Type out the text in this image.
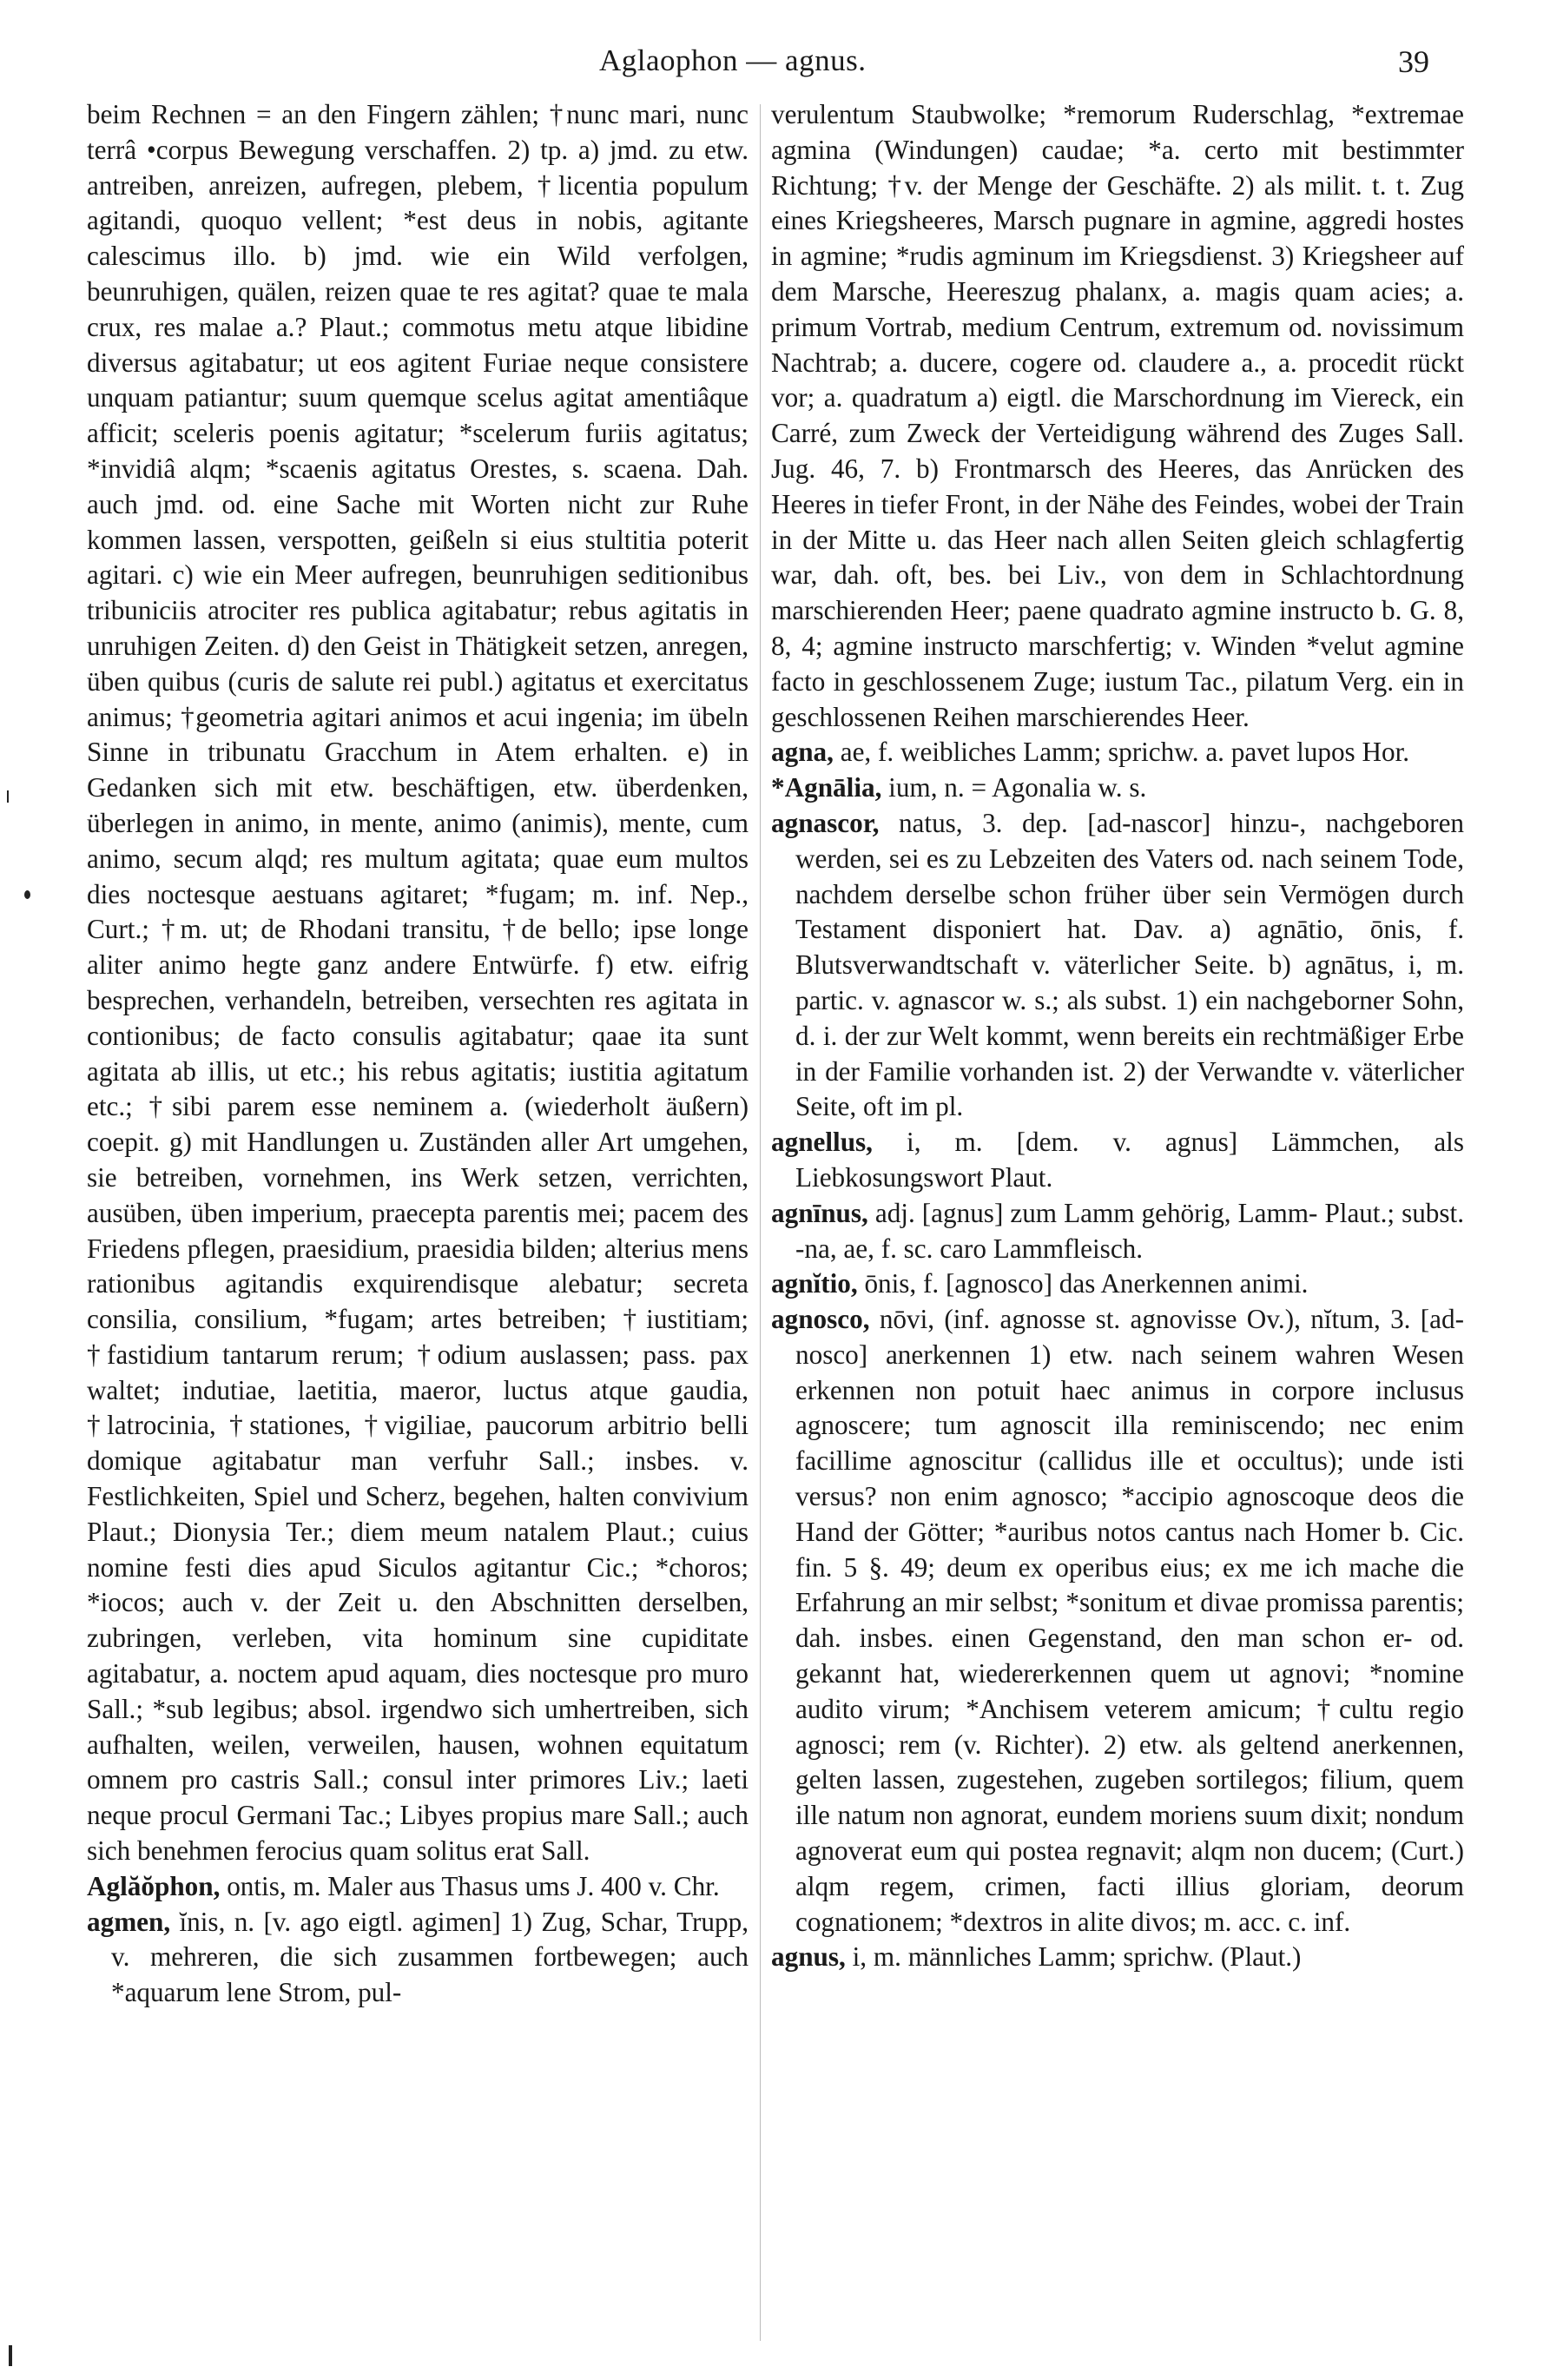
Aglaophon — agnus.	39

beim Rechnen = an den Fingern zählen; †nunc mari, nunc terrâ •corpus Bewegung verschaffen. 2) tp. a) jmd. zu etw. antreiben, anreizen, aufregen, plebem, †licentia populum agitandi, quoquo vellent; *est deus in nobis, agitante calescimus illo. b) jmd. wie ein Wild verfolgen, beunruhigen, quälen, reizen quae te res agitat? quae te mala crux, res malae a.? Plaut.; commotus metu atque libidine diversus agitabatur; ut eos agitent Furiae neque consistere unquam patiantur; suum quemque scelus agitat amentiâque afficit; sceleris poenis agitatur; *scelerum furiis agitatus; *invidiâ alqm; *scaenis agitatus Orestes, s. scaena. Dah. auch jmd. od. eine Sache mit Worten nicht zur Ruhe kommen lassen, verspotten, geißeln si eius stultitia poterit agitari. c) wie ein Meer aufregen, beunruhigen seditionibus tribuniciis atrociter res publica agitabatur; rebus agitatis in unruhigen Zeiten. d) den Geist in Thätigkeit setzen, anregen, üben quibus (curis de salute rei publ.) agitatus et exercitatus animus; †geometria agitari animos et acui ingenia; im übeln Sinne in tribunatu Gracchum in Atem erhalten. e) in Gedanken sich mit etw. beschäftigen, etw. überdenken, überlegen in animo, in mente, animo (animis), mente, cum animo, secum alqd; res multum agitata; quae eum multos dies noctesque aestuans agitaret; *fugam; m. inf. Nep., Curt.; †m. ut; de Rhodani transitu, †de bello; ipse longe aliter animo hegte ganz andere Entwürfe. f) etw. eifrig besprechen, verhandeln, betreiben, versechten res agitata in contionibus; de facto consulis agitabatur; qaae ita sunt agitata ab illis, ut etc.; his rebus agitatis; iustitia agitatum etc.; †sibi parem esse neminem a. (wiederholt äußern) coepit. g) mit Handlungen u. Zuständen aller Art umgehen, sie betreiben, vornehmen, ins Werk setzen, verrichten, ausüben, üben imperium, praecepta parentis mei; pacem des Friedens pflegen, praesidium, praesidia bilden; alterius mens rationibus agitandis exquirendisque alebatur; secreta consilia, consilium, *fugam; artes betreiben; †iustitiam; †fastidium tantarum rerum; †odium auslassen; pass. pax waltet; indutiae, laetitia, maeror, luctus atque gaudia, †latrocinia, †stationes, †vigiliae, paucorum arbitrio belli domique agitabatur man verfuhr Sall.; insbes. v. Festlichkeiten, Spiel und Scherz, begehen, halten convivium Plaut.; Dionysia Ter.; diem meum natalem Plaut.; cuius nomine festi dies apud Siculos agitantur Cic.; *choros; *iocos; auch v. der Zeit u. den Abschnitten derselben, zubringen, verleben, vita hominum sine cupiditate agitabatur, a. noctem apud aquam, dies noctesque pro muro Sall.; *sub legibus; absol. irgendwo sich umhertreiben, sich aufhalten, weilen, verweilen, hausen, wohnen equitatum omnem pro castris Sall.; consul inter primores Liv.; laeti neque procul Germani Tac.; Libyes propius mare Sall.; auch sich benehmen ferocius quam solitus erat Sall.

Aglăŏphon, ontis, m. Maler aus Thasus ums J. 400 v. Chr.

agmen, ĭnis, n. [v. ago eigtl. agimen] 1) Zug, Schar, Trupp, v. mehreren, die sich zusammen fortbewegen; auch *aquarum lene Strom, pul-

verulentum Staubwolke; *remorum Ruderschlag, *extremae agmina (Windungen) caudae; *a. certo mit bestimmter Richtung; †v. der Menge der Geschäfte. 2) als milit. t. t. Zug eines Kriegsheeres, Marsch pugnare in agmine, aggredi hostes in agmine; *rudis agminum im Kriegsdienst. 3) Kriegsheer auf dem Marsche, Heereszug phalanx, a. magis quam acies; a. primum Vortrab, medium Centrum, extremum od. novissimum Nachtrab; a. ducere, cogere od. claudere a., a. procedit rückt vor; a. quadratum a) eigtl. die Marschordnung im Viereck, ein Carré, zum Zweck der Verteidigung während des Zuges Sall. Jug. 46, 7. b) Frontmarsch des Heeres, das Anrücken des Heeres in tiefer Front, in der Nähe des Feindes, wobei der Train in der Mitte u. das Heer nach allen Seiten gleich schlagfertig war, dah. oft, bes. bei Liv., von dem in Schlachtordnung marschierenden Heer; paene quadrato agmine instructo b. G. 8, 8, 4; agmine instructo marschfertig; v. Winden *velut agmine facto in geschlossenem Zuge; iustum Tac., pilatum Verg. ein in geschlossenen Reihen marschierendes Heer.

agna, ae, f. weibliches Lamm; sprichw. a. pavet lupos Hor.

*Agnālia, ium, n. = Agonalia w. s.

agnascor, natus, 3. dep. [ad-nascor] hinzu-, nachgeboren werden, sei es zu Lebzeiten des Vaters od. nach seinem Tode, nachdem derselbe schon früher über sein Vermögen durch Testament disponiert hat. Dav. a) agnātio, ōnis, f. Blutsverwandtschaft v. väterlicher Seite. b) agnātus, i, m. partic. v. agnascor w. s.; als subst. 1) ein nachgeborner Sohn, d. i. der zur Welt kommt, wenn bereits ein rechtmäßiger Erbe in der Familie vorhanden ist. 2) der Verwandte v. väterlicher Seite, oft im pl.

agnellus, i, m. [dem. v. agnus] Lämmchen, als Liebkosungswort Plaut.

agnīnus, adj. [agnus] zum Lamm gehörig, Lamm- Plaut.; subst. -na, ae, f. sc. caro Lammfleisch.

agnĭtio, ōnis, f. [agnosco] das Anerkennen animi.

agnosco, nōvi, (inf. agnosse st. agnovisse Ov.), nĭtum, 3. [ad-nosco] anerkennen 1) etw. nach seinem wahren Wesen erkennen non potuit haec animus in corpore inclusus agnoscere; tum agnoscit illa reminiscendo; nec enim facillime agnoscitur (callidus ille et occultus); unde isti versus? non enim agnosco; *accipio agnoscoque deos die Hand der Götter; *auribus notos cantus nach Homer b. Cic. fin. 5 §. 49; deum ex operibus eius; ex me ich mache die Erfahrung an mir selbst; *sonitum et divae promissa parentis; dah. insbes. einen Gegenstand, den man schon er- od. gekannt hat, wiedererkennen quem ut agnovi; *nomine audito virum; *Anchisem veterem amicum; †cultu regio agnosci; rem (v. Richter). 2) etw. als geltend anerkennen, gelten lassen, zugestehen, zugeben sortilegos; filium, quem ille natum non agnorat, eundem moriens suum dixit; nondum agnoverat eum qui postea regnavit; alqm non ducem; (Curt.) alqm regem, crimen, facti illius gloriam, deorum cognationem; *dextros in alite divos; m. acc. c. inf.

agnus, i, m. männliches Lamm; sprichw. (Plaut.)
